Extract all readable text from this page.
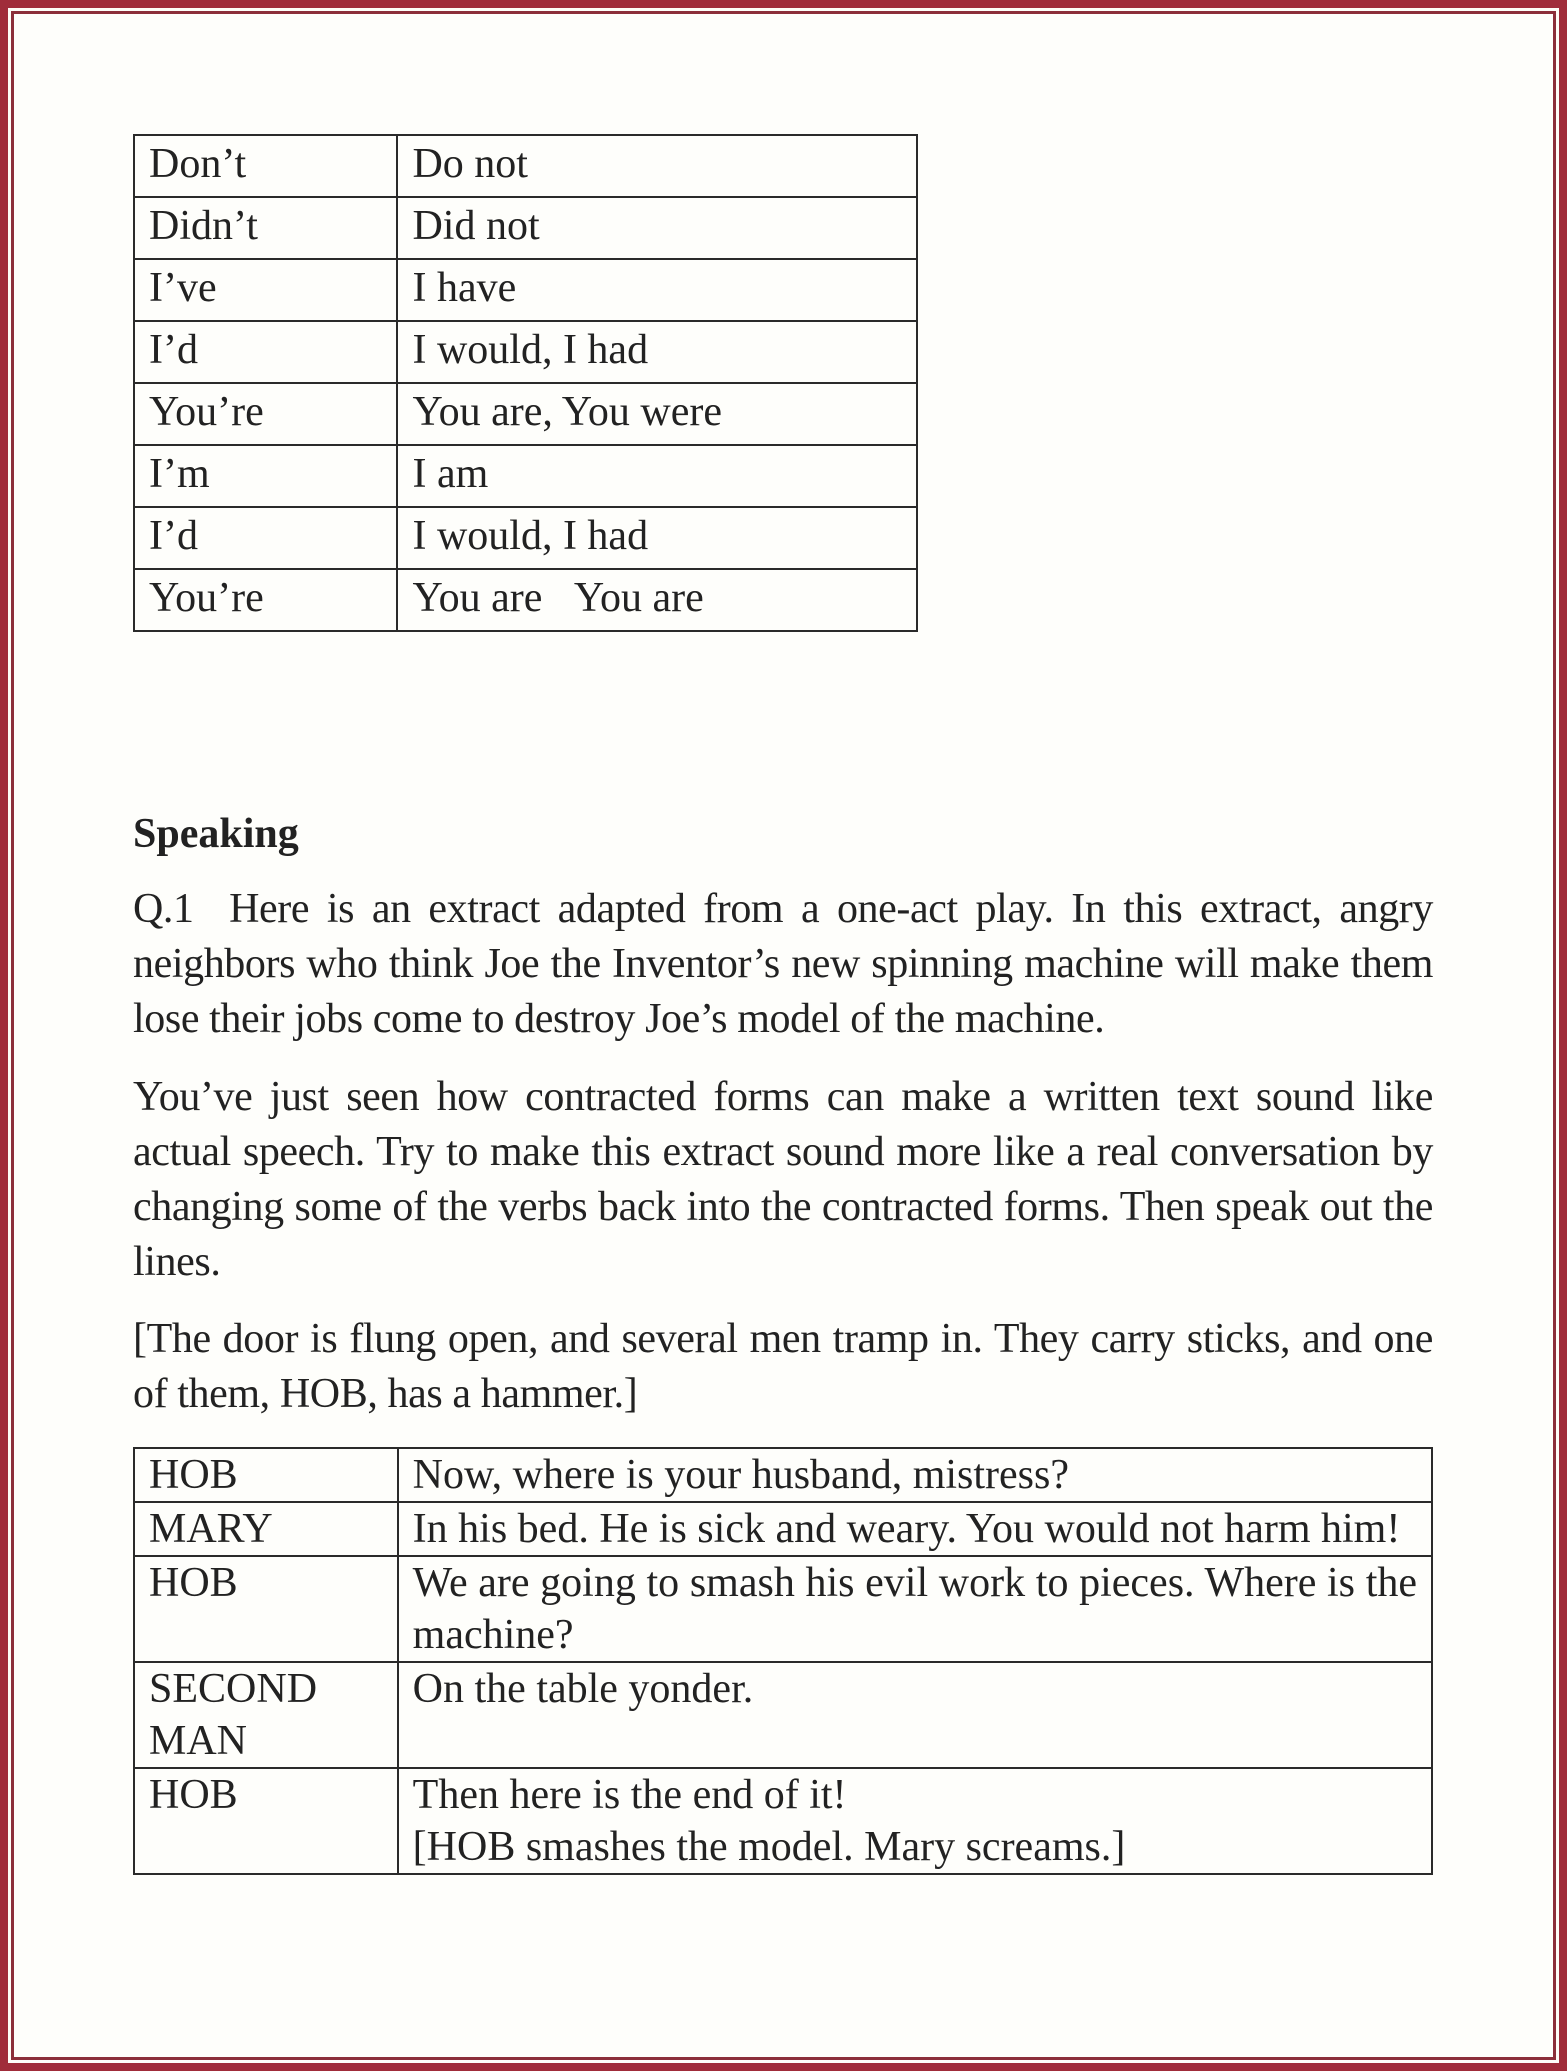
Don’t	Do not
Didn’t	Did not
I’ve	I have
I’d	I would, I had
You’re	You are, You were
I’m	I am
I’d	I would, I had
You’re	You are   You are
Speaking

Q.1  Here is an extract adapted from a one-act play. In this extract, angry neighbors who think Joe the Inventor’s new spinning machine will make them lose their jobs come to destroy Joe’s model of the machine.

You’ve just seen how contracted forms can make a written text sound like actual speech. Try to make this extract sound more like a real conversation by changing some of the verbs back into the contracted forms. Then speak out the lines.

[The door is flung open, and several men tramp in. They carry sticks, and one of them, HOB, has a hammer.]

HOB	Now, where is your husband, mistress?
MARY	In his bed. He is sick and weary. You would not harm him!
HOB	We are going to smash his evil work to pieces. Where is the machine?
SECOND MAN	On the table yonder.
HOB	Then here is the end of it!
[HOB smashes the model. Mary screams.]
